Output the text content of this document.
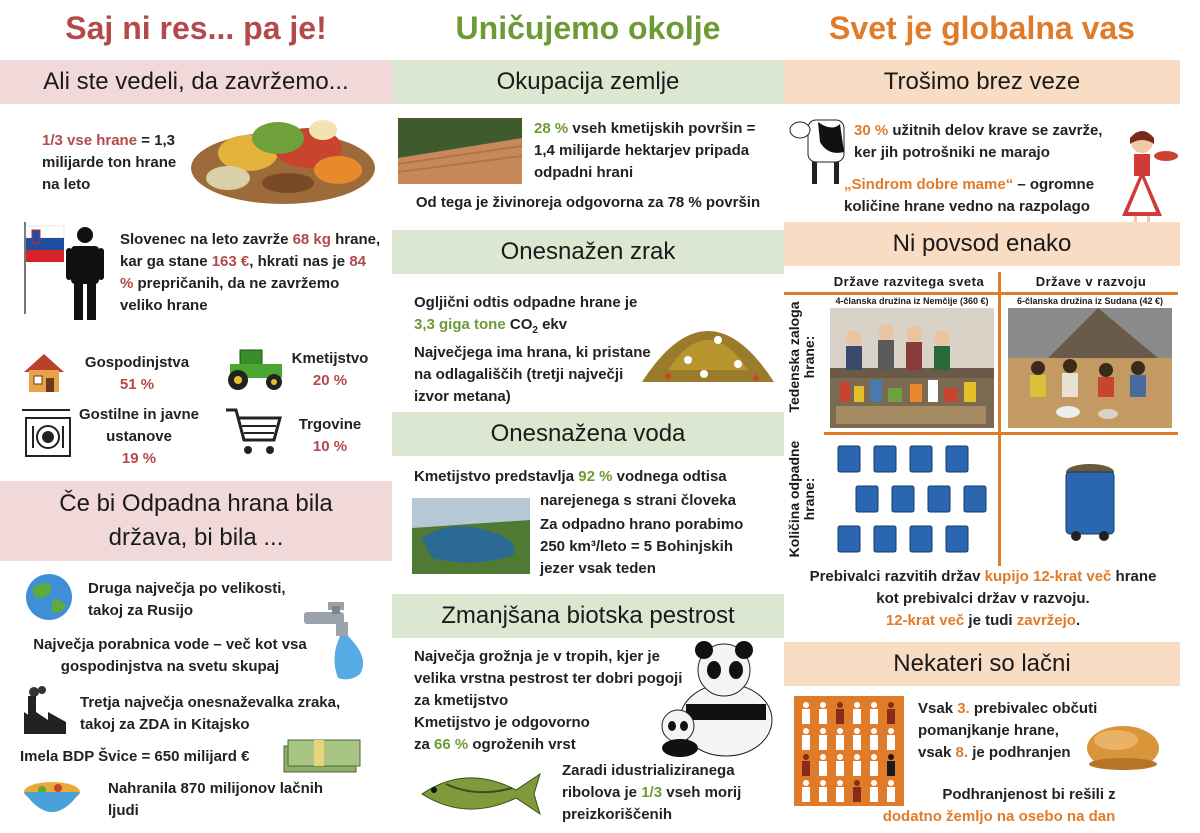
Saj ni res... pa je!
Ali ste vedeli, da zavržemo...
1/3 vse hrane = 1,3 milijarde ton hrane na leto
Slovenec na leto zavrže 68 kg hrane, kar ga stane 163 €, hkrati nas je 84 % prepričanih, da ne zavržemo veliko hrane
Gospodinjstva
51 %
Kmetijstvo
20 %
Gostilne in javne ustanove
19 %
Trgovine
10 %
Če bi Odpadna hrana bila država, bi bila ...
Druga največja po velikosti, takoj za Rusijo
Največja porabnica vode – več kot vsa gospodinjstva na svetu skupaj
Tretja največja onesnaževalka zraka, takoj za ZDA in Kitajsko
Imela BDP Švice = 650 milijard €
Nahranila 870 milijonov lačnih ljudi
Uničujemo okolje
Okupacija zemlje
28 % vseh kmetijskih površin = 1,4 milijarde hektarjev pripada odpadni hrani
Od tega je živinoreja odgovorna za 78 % površin
Onesnažen zrak
Ogljični odtis odpadne hrane je 3,3 giga tone $CO_2$ ekv
Največjega ima hrana, ki pristane na odlagališčih (tretji največji izvor metana)
Onesnažena voda
Kmetijstvo predstavlja 92 % vodnega odtisa
narejenega s strani človeka
Za odpadno hrano porabimo 250 km³/leto = 5 Bohinjskih jezer vsak teden
Zmanjšana biotska pestrost
Največja grožnja je v tropih, kjer je velika vrstna pestrost ter dobri pogoji za kmetijstvo
Kmetijstvo je odgovorno
za 66 % ogroženih vrst
Zaradi idustrializiranega ribolova je 1/3 vseh morij preizkoriščenih
Svet je globalna vas
Trošimo brez veze
30 % užitnih delov krave se zavrže, ker jih potrošniki ne marajo
„Sindrom dobre mame“ – ogromne količine hrane vedno na razpolago
Ni povsod enako
Države razvitega sveta	Države v razvoju
Tedenska zaloga hrane:
Količina odpadne hrane:
4-članska družina iz Nemčije (360 €)	6-članska družina iz Sudana (42 €)
Prebivalci razvitih držav kupijo 12-krat več hrane kot prebivalci držav v razvoju.
12-krat več je tudi zavržejo.
Nekateri so lačni
Vsak 3. prebivalec občuti pomanjkanje hrane,
vsak 8. je podhranjen
Podhranjenost bi rešili z
dodatno žemljo na osebo na dan
